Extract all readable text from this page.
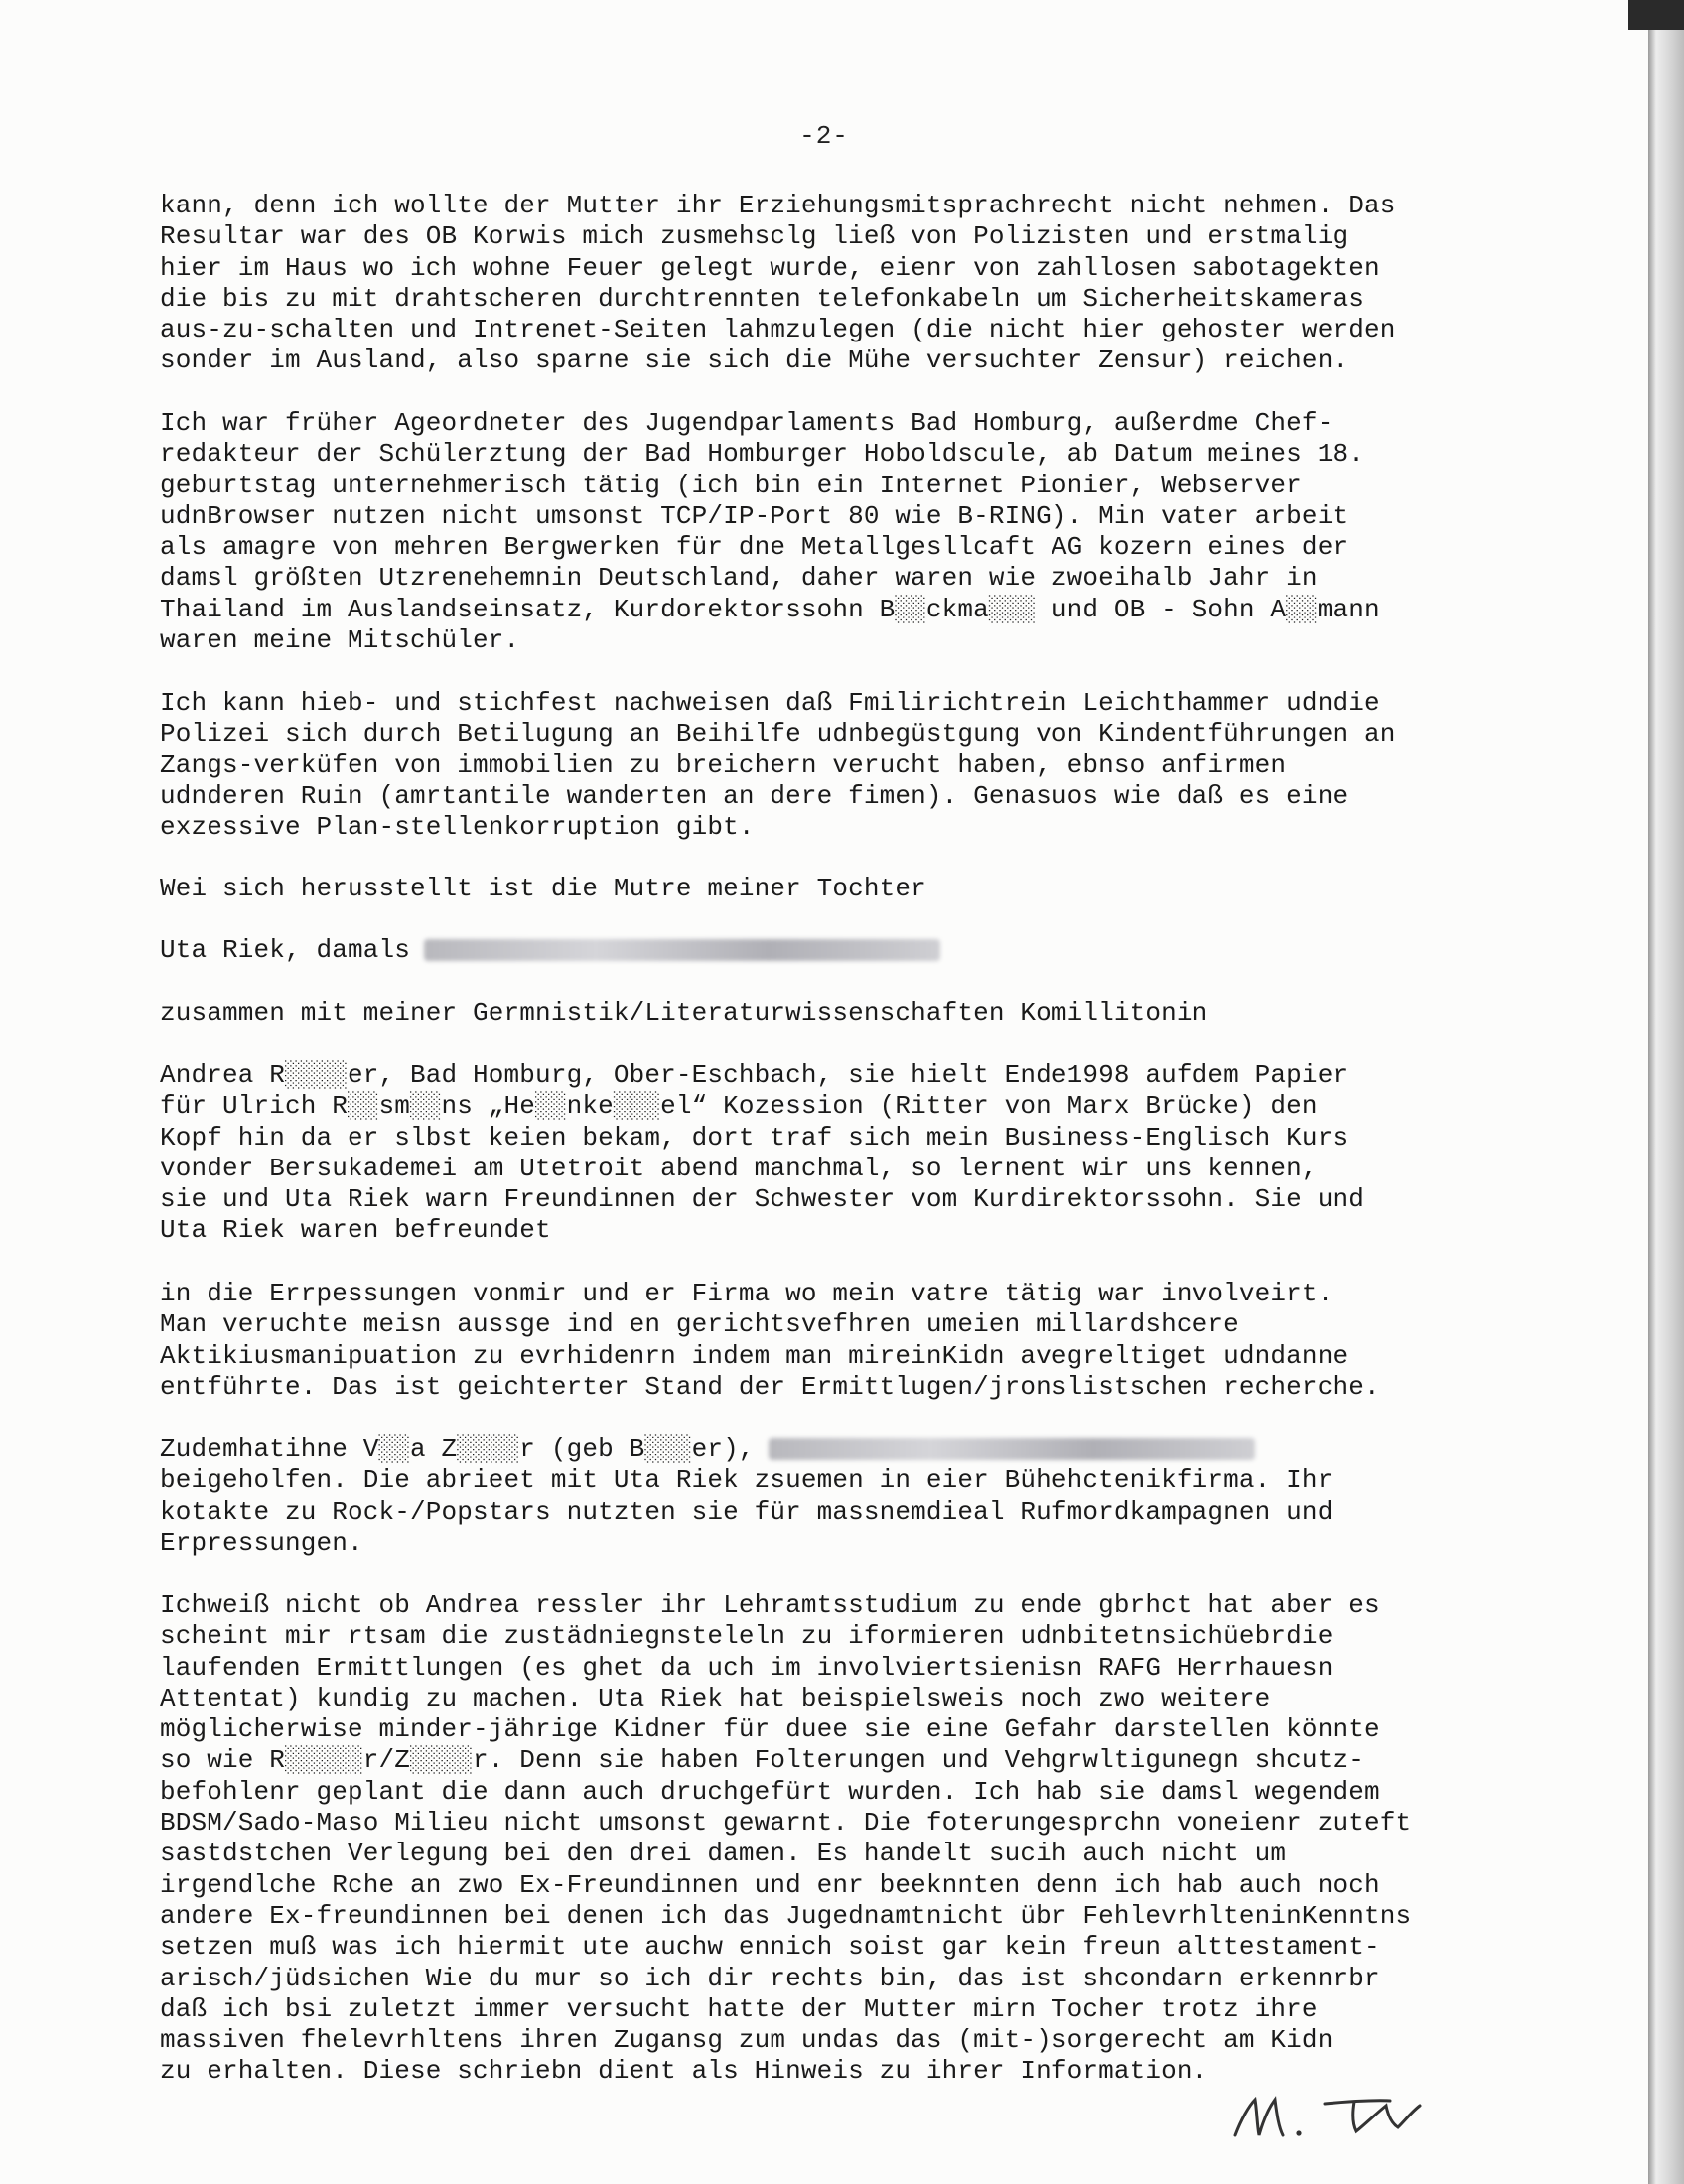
-2-
kann, denn ich wollte der Mutter ihr Erziehungsmitsprachrecht nicht nehmen. Das
Resultar war des OB Korwis mich zusmehsclg ließ von Polizisten und erstmalig
hier im Haus wo ich wohne Feuer gelegt wurde, eienr von zahllosen sabotagekten
die bis zu mit drahtscheren durchtrennten telefonkabeln um Sicherheitskameras
aus-zu-schalten und Intrenet-Seiten lahmzulegen (die nicht hier gehoster werden
sonder im Ausland, also sparne sie sich die Mühe versuchter Zensur) reichen.
Ich war früher Ageordneter des Jugendparlaments Bad Homburg, außerdme Chef-
redakteur der Schülerztung der Bad Homburger Hoboldscule, ab Datum meines 18.
geburtstag unternehmerisch tätig (ich bin ein Internet Pionier, Webserver
udnBrowser nutzen nicht umsonst TCP/IP-Port 80 wie B-RING). Min vater arbeit
als amagre von mehren Bergwerken für dne Metallgesllcaft AG kozern eines der
damsl größten Utzrenehemnin Deutschland, daher waren wie zwoeihalb Jahr in
Thailand im Auslandseinsatz, Kurdorektorssohn B░░ckma░░░ und OB - Sohn A░░mann
waren meine Mitschüler.
Ich kann hieb- und stichfest nachweisen daß Fmilirichtrein Leichthammer udndie
Polizei sich durch Betilugung an Beihilfe udnbegüstgung von Kindentführungen an
Zangs-verküfen von immobilien zu breichern verucht haben, ebnso anfirmen
udnderen Ruin (amrtantile wanderten an dere fimen). Genasuos wie daß es eine
exzessive Plan-stellenkorruption gibt.
Wei sich herusstellt ist die Mutre meiner Tochter
Uta Riek, damals
zusammen mit meiner Germnistik/Literaturwissenschaften Komillitonin
Andrea R░░░░er, Bad Homburg, Ober-Eschbach, sie hielt Ende1998 aufdem Papier
für Ulrich R░░sm░░ns „He░░nke░░░el“ Kozession (Ritter von Marx Brücke) den
Kopf hin da er slbst keien bekam, dort traf sich mein Business-Englisch Kurs
vonder Bersukademei am Utetroit abend manchmal, so lernent wir uns kennen,
sie und Uta Riek warn Freundinnen der Schwester vom Kurdirektorssohn. Sie und
Uta Riek waren befreundet
in die Errpessungen vonmir und er Firma wo mein vatre tätig war involveirt.
Man veruchte meisn aussge ind en gerichtsvefhren umeien millardshcere
Aktikiusmanipuation zu evrhidenrn indem man mireinKidn avegreltiget udndanne
entführte. Das ist geichterter Stand der Ermittlugen/jronslistschen recherche.
Zudemhatihne V░░a Z░░░░r (geb B░░░er),
beigeholfen. Die abrieet mit Uta Riek zsuemen in eier Bühehctenikfirma. Ihr
kotakte zu Rock-/Popstars nutzten sie für massnemdieal Rufmordkampagnen und
Erpressungen.
Ichweiß nicht ob Andrea ressler ihr Lehramtsstudium zu ende gbrhct hat aber es
scheint mir rtsam die zustädniegnsteleln zu iformieren udnbitetnsichüebrdie
laufenden Ermittlungen (es ghet da uch im involviertsienisn RAFG Herrhauesn
Attentat) kundig zu machen. Uta Riek hat beispielsweis noch zwo weitere
möglicherwise minder-jährige Kidner für duee sie eine Gefahr darstellen könnte
so wie R░░░░░r/Z░░░░r. Denn sie haben Folterungen und Vehgrwltigunegn shcutz-
befohlenr geplant die dann auch druchgefürt wurden. Ich hab sie damsl wegendem
BDSM/Sado-Maso Milieu nicht umsonst gewarnt. Die foterungesprchn voneienr zuteft
sastdstchen Verlegung bei den drei damen. Es handelt sucih auch nicht um
irgendlche Rche an zwo Ex-Freundinnen und enr beeknnten denn ich hab auch noch
andere Ex-freundinnen bei denen ich das Jugednamtnicht übr FehlevrhlteninKenntns
setzen muß was ich hiermit ute auchw ennich soist gar kein freun alttestament-
arisch/jüdsichen Wie du mur so ich dir rechts bin, das ist shcondarn erkennrbr
daß ich bsi zuletzt immer versucht hatte der Mutter mirn Tocher trotz ihre
massiven fhelevrhltens ihren Zugansg zum undas das (mit-)sorgerecht am Kidn
zu erhalten. Diese schriebn dient als Hinweis zu ihrer Information.
